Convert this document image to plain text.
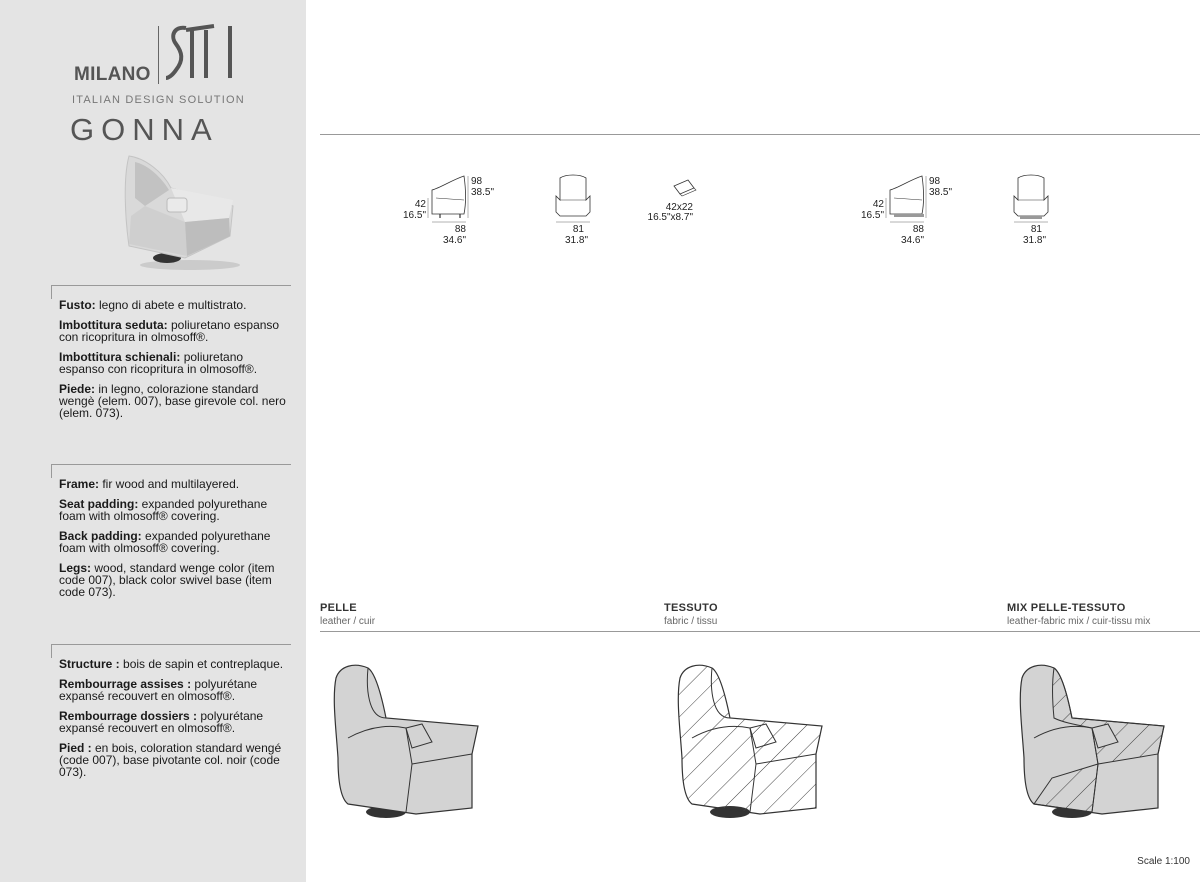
MILANO
ITALIAN DESIGN SOLUTION
GONNA
Fusto: legno di abete e multistrato.
Imbottitura seduta: poliuretano espanso con ricopritura in olmosoff®.
Imbottitura schienali: poliuretano espanso con ricopritura in olmosoff®.
Piede: in legno, colorazione standard wengè (elem. 007), base girevole col. nero (elem. 073).
Frame: fir wood and multilayered.
Seat padding: expanded polyurethane foam with olmosoff® covering.
Back padding: expanded polyurethane foam with olmosoff® covering.
Legs: wood, standard wenge color (item code 007), black color swivel base (item code 073).
Structure : bois de sapin et contreplaque.
Rembourrage assises : polyurétane expansé recouvert en olmosoff®.
Rembourrage dossiers : polyurétane expansé recouvert en olmosoff®.
Pied : en bois, coloration standard wengé (code 007), base pivotante col. noir (code 073).
98
38.5"
42
16.5"
88
34.6"
81
31.8"
42x22
16.5"x8.7"
98
38.5"
42
16.5"
88
34.6"
81
31.8"
PELLE
leather / cuir
TESSUTO
fabric / tissu
MIX PELLE-TESSUTO
leather-fabric mix / cuir-tissu mix
Scale 1:100
